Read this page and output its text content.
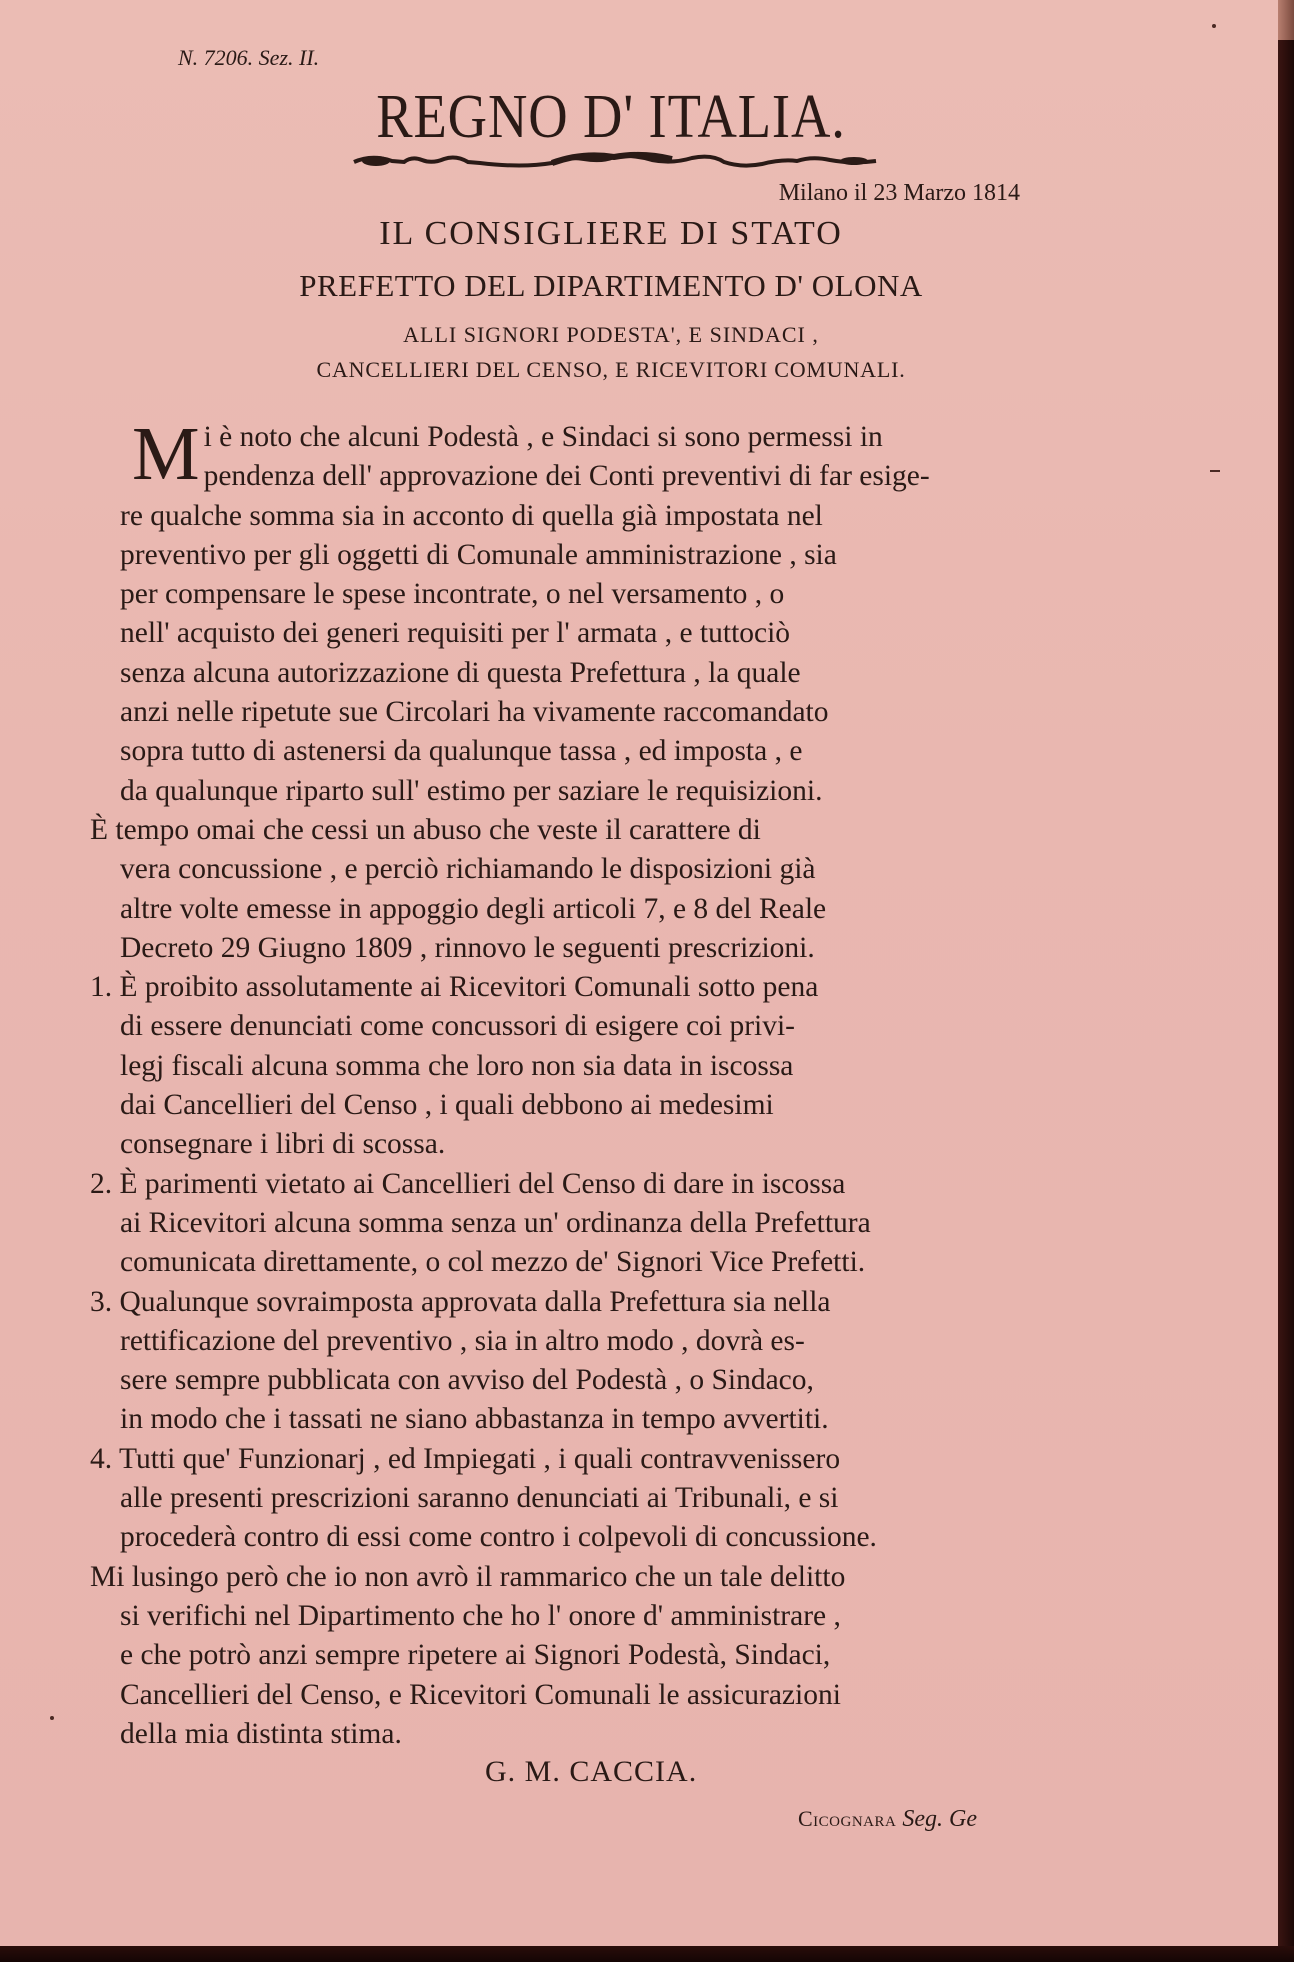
N. 7206. Sez. II.
REGNO D' ITALIA.
Milano il 23 Marzo 1814
IL CONSIGLIERE DI STATO
PREFETTO DEL DIPARTIMENTO D' OLONA
ALLI SIGNORI PODESTA', E SINDACI ,
CANCELLIERI DEL CENSO, E RICEVITORI COMUNALI.
M i è noto che alcuni Podestà , e Sindaci si sono permessi in
pendenza dell' approvazione dei Conti preventivi di far esige-
re qualche somma sia in acconto di quella già impostata nel
preventivo per gli oggetti di Comunale amministrazione , sia
per compensare le spese incontrate, o nel versamento , o
nell' acquisto dei generi requisiti per l' armata , e tuttociò
senza alcuna autorizzazione di questa Prefettura , la quale
anzi nelle ripetute sue Circolari ha vivamente raccomandato
sopra tutto di astenersi da qualunque tassa , ed imposta , e
da qualunque riparto sull' estimo per saziare le requisizioni.
È tempo omai che cessi un abuso che veste il carattere di
vera concussione , e perciò richiamando le disposizioni già
altre volte emesse in appoggio degli articoli 7, e 8 del Reale
Decreto 29 Giugno 1809 , rinnovo le seguenti prescrizioni.
1. È proibito assolutamente ai Ricevitori Comunali sotto pena
di essere denunciati come concussori di esigere coi privi-
legj fiscali alcuna somma che loro non sia data in iscossa
dai Cancellieri del Censo , i quali debbono ai medesimi
consegnare i libri di scossa.
2. È parimenti vietato ai Cancellieri del Censo di dare in iscossa
ai Ricevitori alcuna somma senza un' ordinanza della Prefettura
comunicata direttamente, o col mezzo de' Signori Vice Prefetti.
3. Qualunque sovraimposta approvata dalla Prefettura sia nella
rettificazione del preventivo , sia in altro modo , dovrà es-
sere sempre pubblicata con avviso del Podestà , o Sindaco,
in modo che i tassati ne siano abbastanza in tempo avvertiti.
4. Tutti que' Funzionarj , ed Impiegati , i quali contravvenissero
alle presenti prescrizioni saranno denunciati ai Tribunali, e si
procederà contro di essi come contro i colpevoli di concussione.
Mi lusingo però che io non avrò il rammarico che un tale delitto
si verifichi nel Dipartimento che ho l' onore d' amministrare ,
e che potrò anzi sempre ripetere ai Signori Podestà, Sindaci,
Cancellieri del Censo, e Ricevitori Comunali le assicurazioni
della mia distinta stima.
G. M. CACCIA.
Cicognara Seg. Ge
